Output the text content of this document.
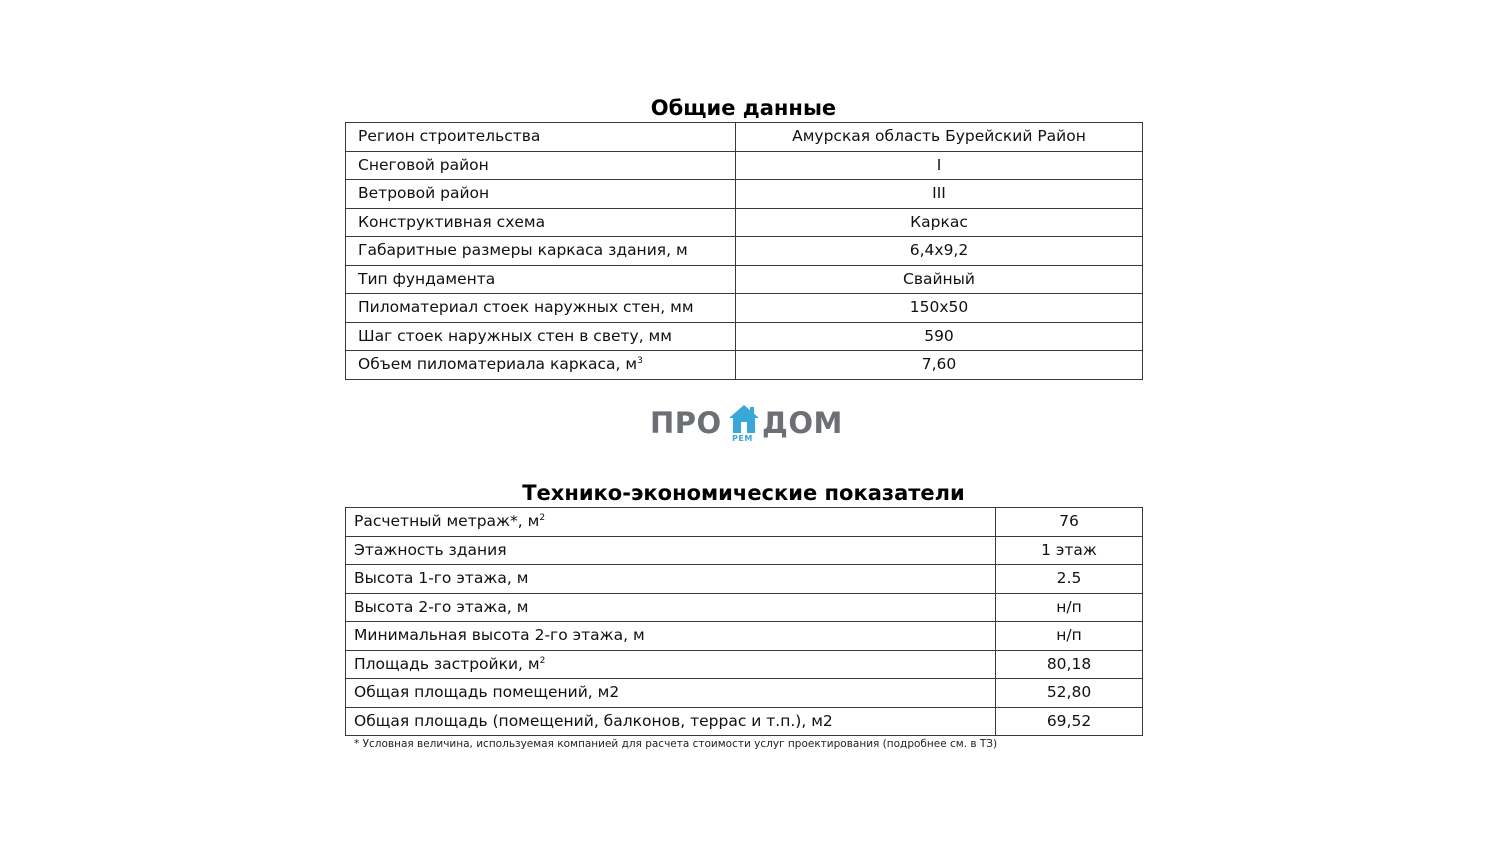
Общие данные
Регион строительства	Амурская область Бурейский Район
Снеговой район	I
Ветровой район	III
Конструктивная схема	Каркас
Габаритные размеры каркаса здания, м	6,4х9,2
Тип фундамента	Свайный
Пиломатериал стоек наружных стен, мм	150х50
Шаг стоек наружных стен в свету, мм	590
Объем пиломатериала каркаса, $м^3$	7,60
ПРО РЕМ ДОМ
Технико-экономические показатели
Расчетный метраж*, $м^2$	76
Этажность здания	1 этаж
Высота 1-го этажа, м	2.5
Высота 2-го этажа, м	н/п
Минимальная высота 2-го этажа, м	н/п
Площадь застройки, $м^2$	80,18
Общая площадь помещений, м2	52,80
Общая площадь (помещений, балконов, террас и т.п.), м2	69,52
* Условная величина, используемая компанией для расчета стоимости услуг проектирования (подробнее см. в ТЗ)
